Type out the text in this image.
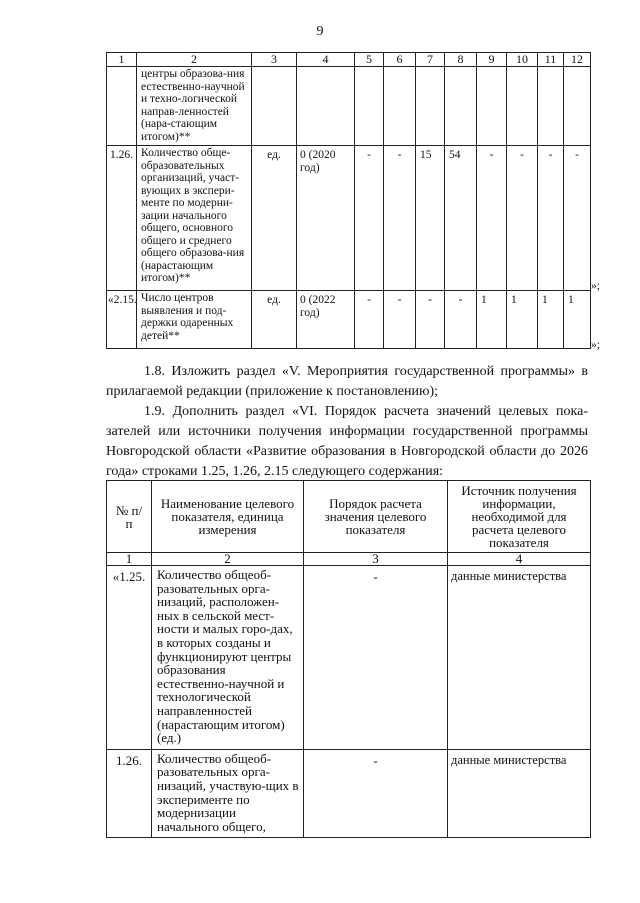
9
1	2	3	4	5	6	7	8	9	10	11	12
	центры образова-ния естественно-научной и техно-логической направ-ленностей (нара-стающим итогом)**										
1.26.	Количество обще-образовательных организаций, участ-вующих в экспери-менте по модерни-зации начального общего, основного общего и среднего общего образова-ния (нарастающим итогом)**	ед.	0 (2020 год)	-	-	15	54	-	-	-	-
«2.15.	Число центров выявления и под-держки одаренных детей**	ед.	0 (2022 год)	-	-	-	-	1	1	1	1
»;
»;
1.8. Изложить раздел «V. Мероприятия государственной программы» в прилагаемой редакции (приложение к постановлению);
1.9. Дополнить раздел «VI. Порядок расчета значений целевых пока-зателей или источники получения информации государственной программы Новгородской области «Развитие образования в Новгородской области до 2026 года» строками 1.25, 1.26, 2.15 следующего содержания:
№ п/п	Наименование целевого показателя, единица измерения	Порядок расчета значения целевого показателя	Источник получения информации, необходимой для расчета целевого показателя
1	2	3	4
«1.25.	Количество общеоб-разовательных орга-низаций, расположен-ных в сельской мест-ности и малых горо-дах, в которых созданы и функционируют центры образования естественно-научной и технологической направленностей (нарастающим итогом) (ед.)	-	данные министерства
1.26.	Количество общеоб-разовательных орга-низаций, участвую-щих в эксперименте по модернизации начального общего,	-	данные министерства
